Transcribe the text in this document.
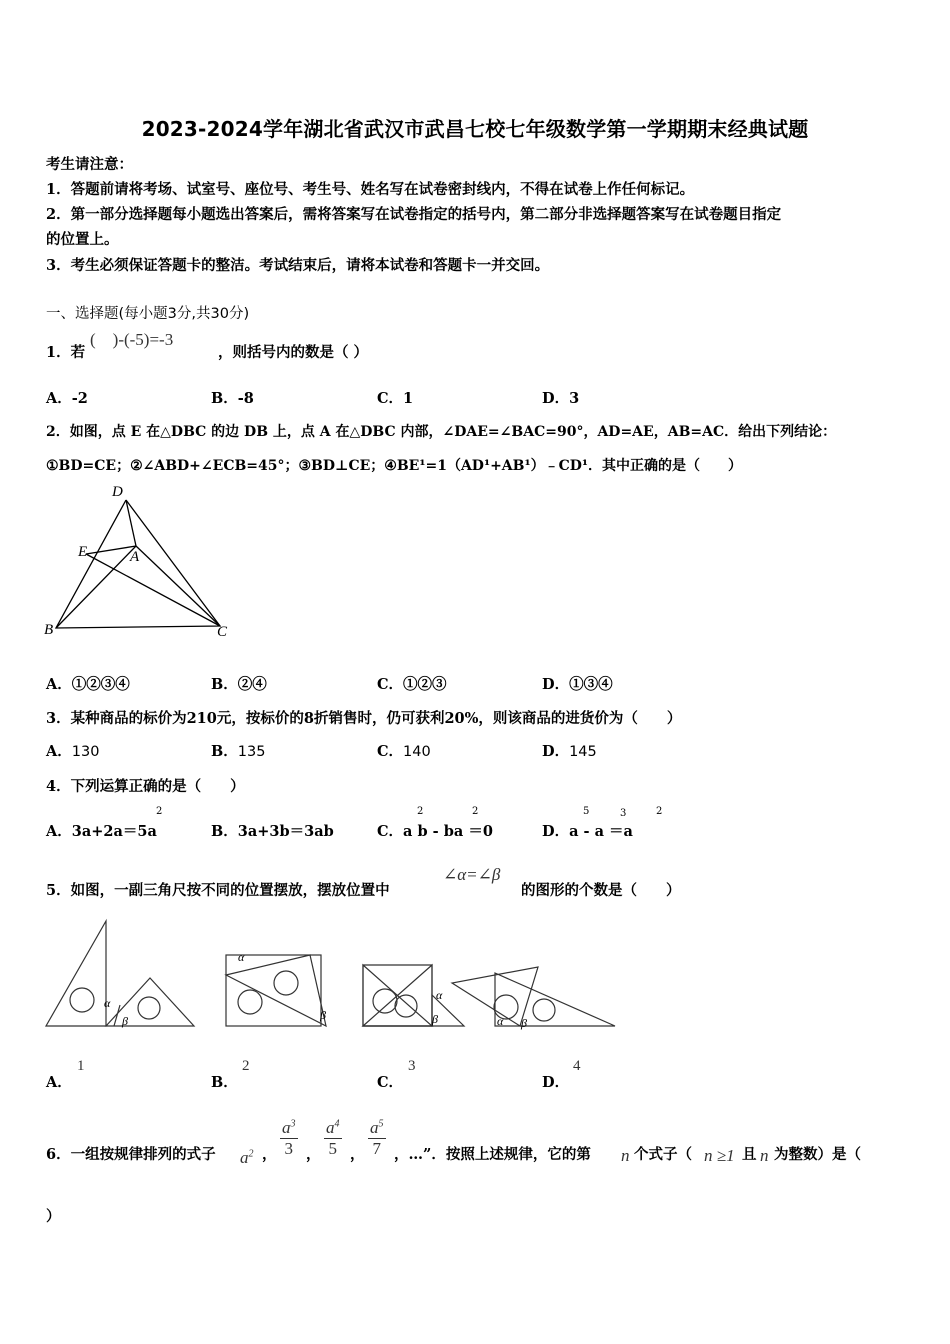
2023-2024学年湖北省武汉市武昌七校七年级数学第一学期期末经典试题
考生请注意：
1．答题前请将考场、试室号、座位号、考生号、姓名写在试卷密封线内，不得在试卷上作任何标记。
2．第一部分选择题每小题选出答案后，需将答案写在试卷指定的括号内，第二部分非选择题答案写在试卷题目指定
的位置上。
3．考生必须保证答题卡的整洁。考试结束后，请将本试卷和答题卡一并交回。
一、选择题(每小题3分,共30分)
1．若
(　)-(-5)=-3
，则括号内的数是（ ）
A．-2	B．-8	C．1	D．3
2．如图，点 E 在△DBC 的边 DB 上，点 A 在△DBC 内部，∠DAE=∠BAC=90°，AD=AE，AB=AC．给出下列结论：
①BD=CE；②∠ABD+∠ECB=45°；③BD⊥CE；④BE¹=1（AD¹+AB¹）﹣CD¹．其中正确的是（　　）
D
E	A
B	C
A．①②③④	B．②④	C．①②③	D．①③④
3．某种商品的标价为210元，按标价的8折销售时，仍可获利20%，则该商品的进货价为（　　）
A．130	B．135	C．140	D．145
4．下列运算正确的是（　　）
A．3a+2a＝5a
2
B．3a+3b＝3ab	C．a b - ba ＝0
2	2
D．a - a ＝a
5	3	2
5．如图，一副三角尺按不同的位置摆放，摆放位置中
∠α=∠β
的图形的个数是（　　）
α
β
α
β
α
β	α β
A．
1
B．
2
C．
3
D．
4
6．一组按规律排列的式子 $a^2$ ， $\frac{a^3}{3}$ ， $\frac{a^4}{5}$ ， $\frac{a^5}{7}$ ，…”．按照上述规律，它的第 n 个式子（ n ≥1 且 n 为整数）是（
）
